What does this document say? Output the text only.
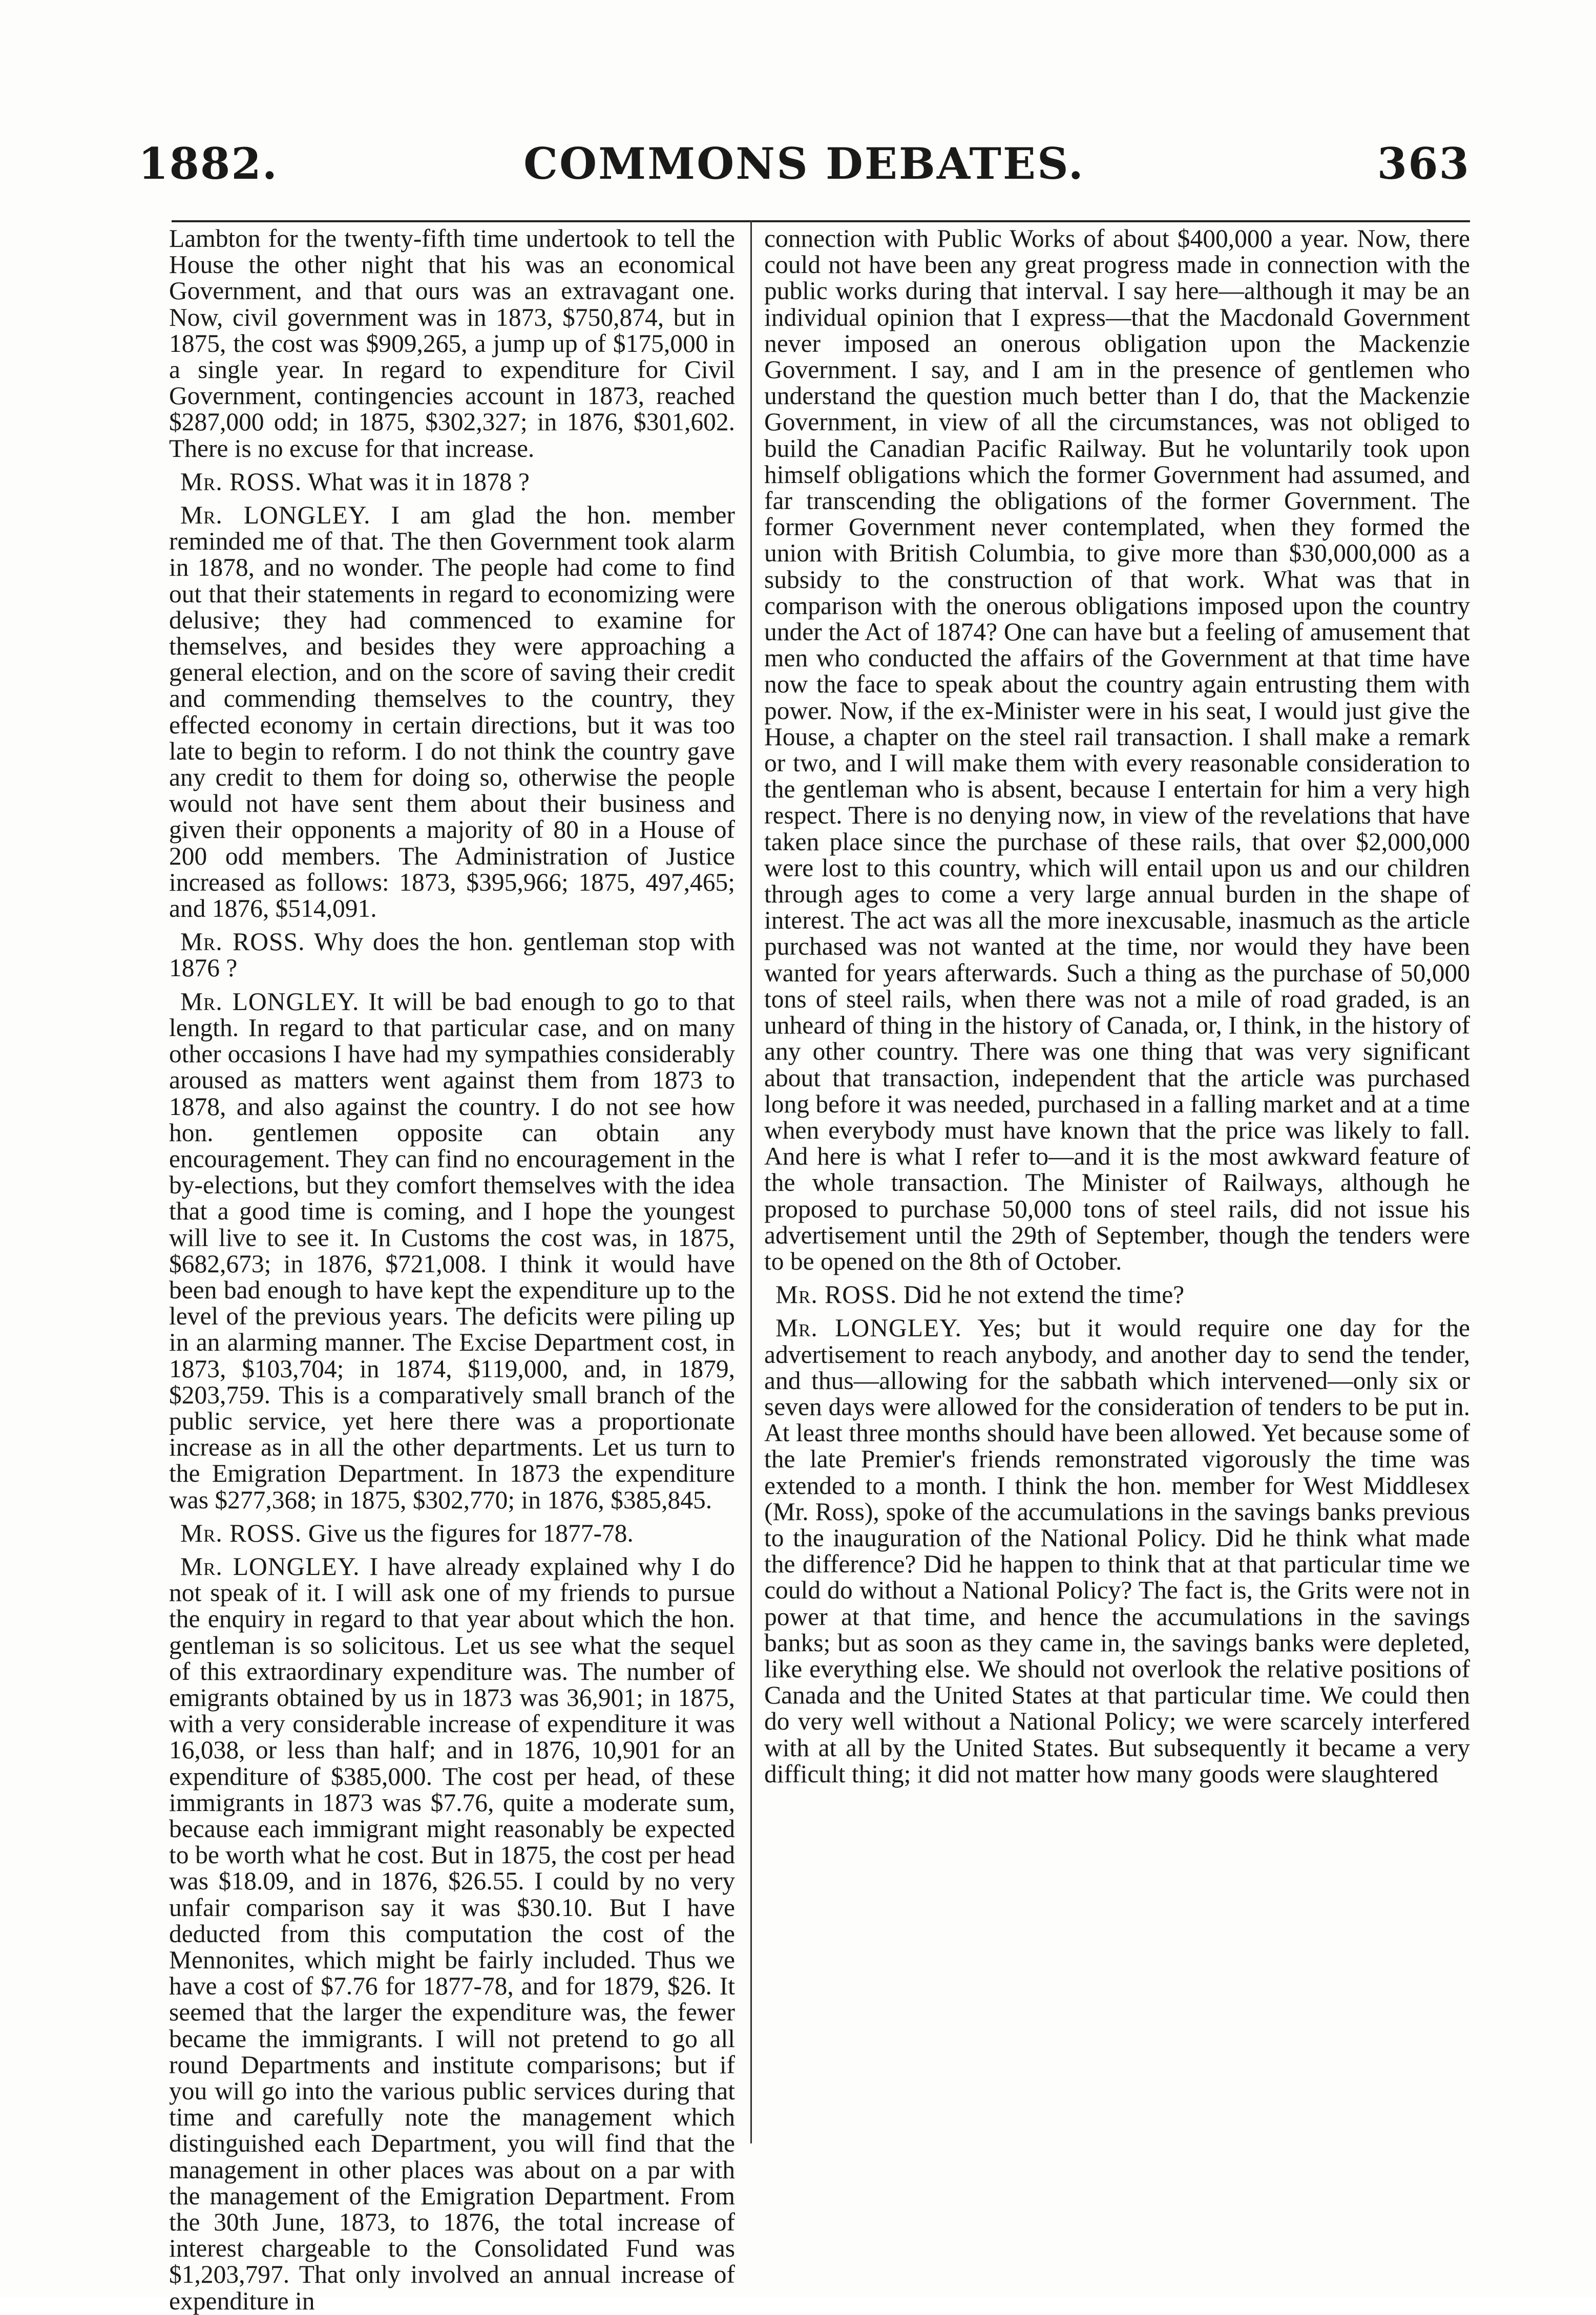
1882.	COMMONS DEBATES.	363

Lambton for the twenty-fifth time undertook to tell the House the other night that his was an economical Government, and that ours was an extravagant one. Now, civil government was in 1873, $750,874, but in 1875, the cost was $909,265, a jump up of $175,000 in a single year. In regard to expenditure for Civil Government, contingencies account in 1873, reached $287,000 odd; in 1875, $302,327; in 1876, $301,602. There is no excuse for that increase.

Mr. ROSS. What was it in 1878 ?

Mr. LONGLEY. I am glad the hon. member reminded me of that. The then Government took alarm in 1878, and no wonder. The people had come to find out that their statements in regard to economizing were delusive; they had commenced to examine for themselves, and besides they were approaching a general election, and on the score of saving their credit and commending themselves to the country, they effected economy in certain directions, but it was too late to begin to reform. I do not think the country gave any credit to them for doing so, otherwise the people would not have sent them about their business and given their opponents a majority of 80 in a House of 200 odd members. The Administration of Justice increased as follows: 1873, $395,966; 1875, 497,465; and 1876, $514,091.

Mr. ROSS. Why does the hon. gentleman stop with 1876 ?

Mr. LONGLEY. It will be bad enough to go to that length. In regard to that particular case, and on many other occasions I have had my sympathies considerably aroused as matters went against them from 1873 to 1878, and also against the country. I do not see how hon. gentlemen opposite can obtain any encouragement. They can find no encouragement in the by-elections, but they comfort themselves with the idea that a good time is coming, and I hope the youngest will live to see it. In Customs the cost was, in 1875, $682,673; in 1876, $721,008. I think it would have been bad enough to have kept the expenditure up to the level of the previous years. The deficits were piling up in an alarming manner. The Excise Department cost, in 1873, $103,704; in 1874, $119,000, and, in 1879, $203,759. This is a comparatively small branch of the public service, yet here there was a proportionate increase as in all the other departments. Let us turn to the Emigration Department. In 1873 the expenditure was $277,368; in 1875, $302,770; in 1876, $385,845.

Mr. ROSS. Give us the figures for 1877-78.

Mr. LONGLEY. I have already explained why I do not speak of it. I will ask one of my friends to pursue the enquiry in regard to that year about which the hon. gentleman is so solicitous. Let us see what the sequel of this extraordinary expenditure was. The number of emigrants obtained by us in 1873 was 36,901; in 1875, with a very considerable increase of expenditure it was 16,038, or less than half; and in 1876, 10,901 for an expenditure of $385,000. The cost per head, of these immigrants in 1873 was $7.76, quite a moderate sum, because each immigrant might reasonably be expected to be worth what he cost. But in 1875, the cost per head was $18.09, and in 1876, $26.55. I could by no very unfair comparison say it was $30.10. But I have deducted from this computation the cost of the Mennonites, which might be fairly included. Thus we have a cost of $7.76 for 1877-78, and for 1879, $26. It seemed that the larger the expenditure was, the fewer became the immigrants. I will not pretend to go all round Departments and institute comparisons; but if you will go into the various public services during that time and carefully note the management which distinguished each Department, you will find that the management in other places was about on a par with the management of the Emigration Department. From the 30th June, 1873, to 1876, the total increase of interest chargeable to the Consolidated Fund was $1,203,797. That only involved an annual increase of expenditure in

connection with Public Works of about $400,000 a year. Now, there could not have been any great progress made in connection with the public works during that interval. I say here—although it may be an individual opinion that I express—that the Macdonald Government never imposed an onerous obligation upon the Mackenzie Government. I say, and I am in the presence of gentlemen who understand the question much better than I do, that the Mackenzie Government, in view of all the circumstances, was not obliged to build the Canadian Pacific Railway. But he voluntarily took upon himself obligations which the former Government had assumed, and far transcending the obligations of the former Government. The former Government never contemplated, when they formed the union with British Columbia, to give more than $30,000,000 as a subsidy to the construction of that work. What was that in comparison with the onerous obligations imposed upon the country under the Act of 1874? One can have but a feeling of amusement that men who conducted the affairs of the Government at that time have now the face to speak about the country again entrusting them with power. Now, if the ex-Minister were in his seat, I would just give the House, a chapter on the steel rail transaction. I shall make a remark or two, and I will make them with every reasonable consideration to the gentleman who is absent, because I entertain for him a very high respect. There is no denying now, in view of the revelations that have taken place since the purchase of these rails, that over $2,000,000 were lost to this country, which will entail upon us and our children through ages to come a very large annual burden in the shape of interest. The act was all the more inexcusable, inasmuch as the article purchased was not wanted at the time, nor would they have been wanted for years afterwards. Such a thing as the purchase of 50,000 tons of steel rails, when there was not a mile of road graded, is an unheard of thing in the history of Canada, or, I think, in the history of any other country. There was one thing that was very significant about that transaction, independent that the article was purchased long before it was needed, purchased in a falling market and at a time when everybody must have known that the price was likely to fall. And here is what I refer to—and it is the most awkward feature of the whole transaction. The Minister of Railways, although he proposed to purchase 50,000 tons of steel rails, did not issue his advertisement until the 29th of September, though the tenders were to be opened on the 8th of October.

Mr. ROSS. Did he not extend the time?

Mr. LONGLEY. Yes; but it would require one day for the advertisement to reach anybody, and another day to send the tender, and thus—allowing for the sabbath which intervened—only six or seven days were allowed for the consideration of tenders to be put in. At least three months should have been allowed. Yet because some of the late Premier's friends remonstrated vigorously the time was extended to a month. I think the hon. member for West Middlesex (Mr. Ross), spoke of the accumulations in the savings banks previous to the inauguration of the National Policy. Did he think what made the difference? Did he happen to think that at that particular time we could do without a National Policy? The fact is, the Grits were not in power at that time, and hence the accumulations in the savings banks; but as soon as they came in, the savings banks were depleted, like everything else. We should not overlook the relative positions of Canada and the United States at that particular time. We could then do very well without a National Policy; we were scarcely interfered with at all by the United States. But subsequently it became a very difficult thing; it did not matter how many goods were slaughtered
